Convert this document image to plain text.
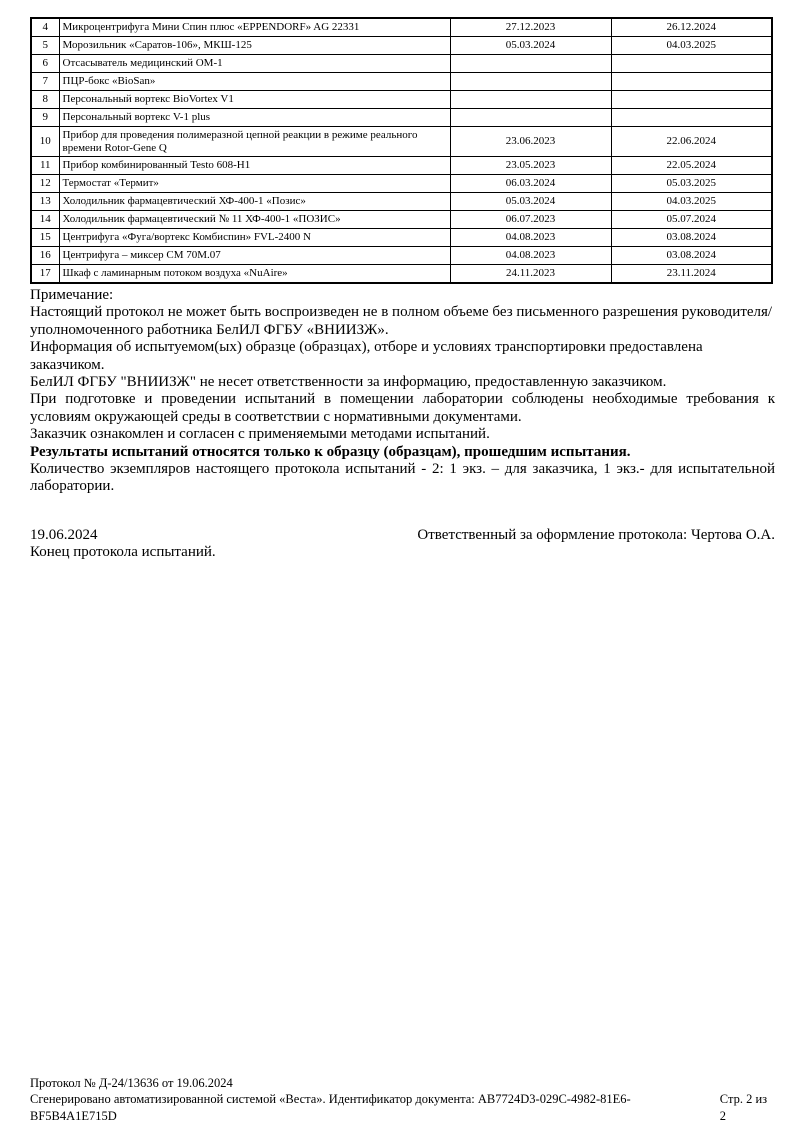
4	Микроцентрифуга Мини Спин плюс «EPPENDORF» AG 22331	27.12.2023	26.12.2024
5	Морозильник «Саратов-106», МКШ-125	05.03.2024	04.03.2025
6	Отсасыватель медицинский ОМ-1		
7	ПЦР-бокс «BioSan»		
8	Персональный вортекс BioVortex V1		
9	Персональный вортекс V-1 plus		
10	Прибор для проведения полимеразной цепной реакции в режиме реального времени Rotor-Gene Q	23.06.2023	22.06.2024
11	Прибор комбинированный Testo 608-H1	23.05.2023	22.05.2024
12	Термостат «Термит»	06.03.2024	05.03.2025
13	Холодильник фармацевтический ХФ-400-1 «Позис»	05.03.2024	04.03.2025
14	Холодильник фармацевтический № 11 ХФ-400-1 «ПОЗИС»	06.07.2023	05.07.2024
15	Центрифуга «Фуга/вортекс Комбиспин» FVL-2400 N	04.08.2023	03.08.2024
16	Центрифуга – миксер СМ 70М.07	04.08.2023	03.08.2024
17	Шкаф с ламинарным потоком воздуха «NuAire»	24.11.2023	23.11.2024

Примечание:

Настоящий протокол не может быть воспроизведен не в полном объеме без письменного разрешения руководителя/уполномоченного работника БелИЛ ФГБУ «ВНИИЗЖ».

Информация об испытуемом(ых) образце (образцах), отборе и условиях транспортировки предоставлена заказчиком.

БелИЛ ФГБУ "ВНИИЗЖ" не несет ответственности за информацию, предоставленную заказчиком.

При подготовке и проведении испытаний в помещении лаборатории соблюдены необходимые требования к условиям окружающей среды в соответствии с нормативными документами.

Заказчик ознакомлен и согласен с применяемыми методами испытаний.

Результаты испытаний относятся только к образцу (образцам), прошедшим испытания.

Количество экземпляров настоящего протокола испытаний - 2: 1 экз. – для заказчика, 1 экз.- для испытательной лаборатории.

19.06.2024	Ответственный за оформление протокола: Чертова О.А.

Конец протокола испытаний.

Протокол № Д-24/13636 от 19.06.2024
Сгенерировано автоматизированной системой «Веста». Идентификатор документа: AB7724D3-029C-4982-81E6-BF5B4A1E715D
Стр. 2 из 2
